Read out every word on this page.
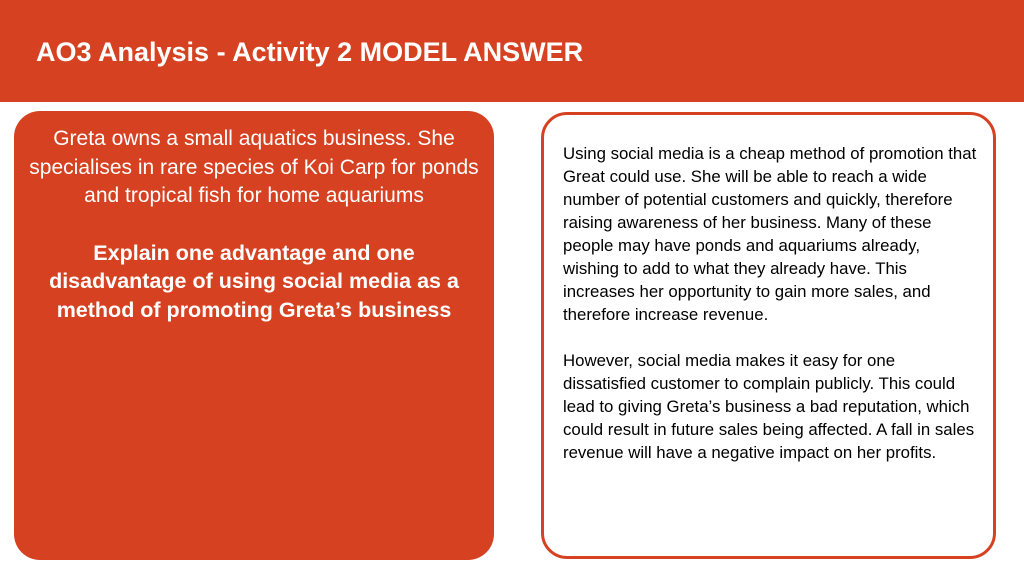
AO3 Analysis - Activity 2 MODEL ANSWER

Greta owns a small aquatics business. She specialises in rare species of Koi Carp for ponds and tropical fish for home aquariums

Explain one advantage and one disadvantage of using social media as a method of promoting Greta’s business

Using social media is a cheap method of promotion that Great could use. She will be able to reach a wide number of potential customers and quickly, therefore raising awareness of her business. Many of these people may have ponds and aquariums already, wishing to add to what they already have. This increases her opportunity to gain more sales, and therefore increase revenue.

However, social media makes it easy for one dissatisfied customer to complain publicly. This could lead to giving Greta’s business a bad reputation, which could result in future sales being affected. A fall in sales revenue will have a negative impact on her profits.
